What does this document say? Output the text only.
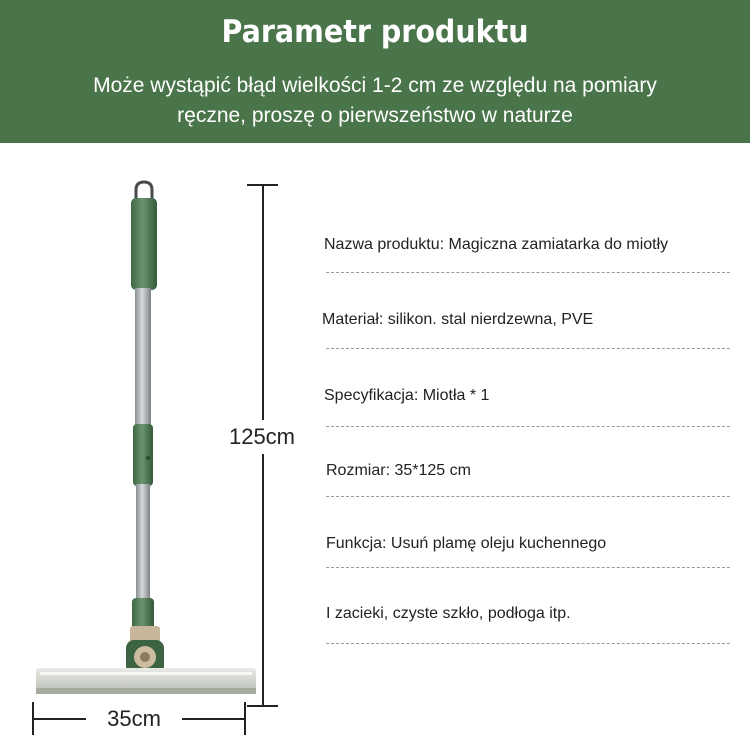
Parametr produktu
Może wystąpić błąd wielkości 1-2 cm ze względu na pomiary
ręczne, proszę o pierwszeństwo w naturze
125cm
35cm
Nazwa produktu: Magiczna zamiatarka do miotły
Materiał: silikon. stal nierdzewna, PVE
Specyfikacja: Miotła * 1
Rozmiar: 35*125 cm
Funkcja: Usuń plamę oleju kuchennego
I zacieki, czyste szkło, podłoga itp.
